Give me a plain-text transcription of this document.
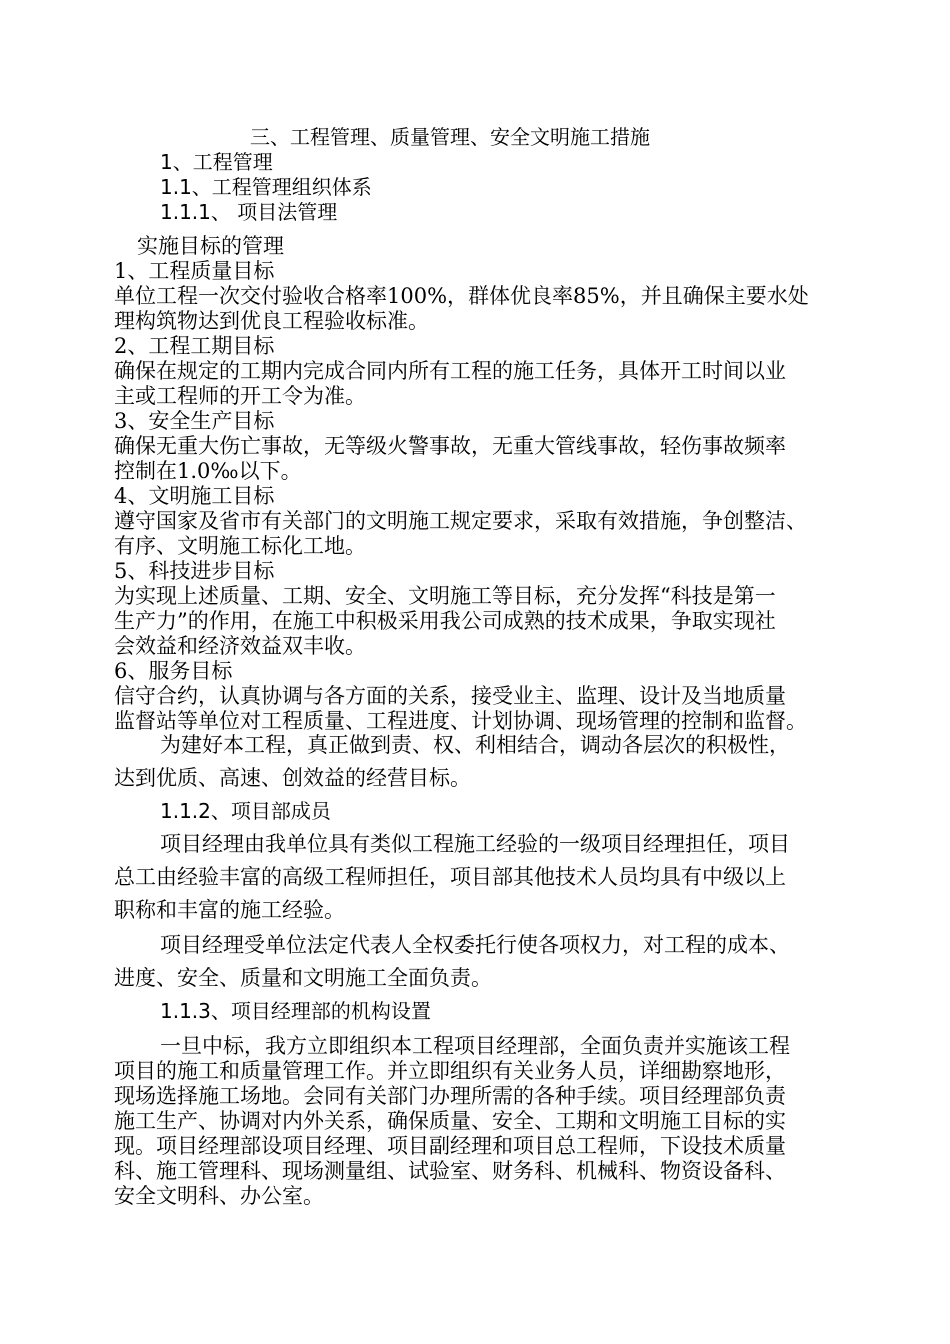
三、工程管理、质量管理、安全文明施工措施
1、工程管理
1.1、工程管理组织体系
1.1.1、 项目法管理
实施目标的管理
1、工程质量目标
单位工程一次交付验收合格率100%，群体优良率85%，并且确保主要水处
理构筑物达到优良工程验收标准。
2、工程工期目标
确保在规定的工期内完成合同内所有工程的施工任务，具体开工时间以业
主或工程师的开工令为准。
3、安全生产目标
确保无重大伤亡事故，无等级火警事故，无重大管线事故，轻伤事故频率
控制在1.0‰以下。
4、文明施工目标
遵守国家及省市有关部门的文明施工规定要求，采取有效措施，争创整洁、
有序、文明施工标化工地。
5、科技进步目标
为实现上述质量、工期、安全、文明施工等目标，充分发挥“科技是第一
生产力”的作用，在施工中积极采用我公司成熟的技术成果，争取实现社
会效益和经济效益双丰收。
6、服务目标
信守合约，认真协调与各方面的关系，接受业主、监理、设计及当地质量
监督站等单位对工程质量、工程进度、计划协调、现场管理的控制和监督。
为建好本工程，真正做到责、权、利相结合，调动各层次的积极性，
达到优质、高速、创效益的经营目标。
1.1.2、项目部成员
项目经理由我单位具有类似工程施工经验的一级项目经理担任，项目
总工由经验丰富的高级工程师担任，项目部其他技术人员均具有中级以上
职称和丰富的施工经验。
项目经理受单位法定代表人全权委托行使各项权力，对工程的成本、
进度、安全、质量和文明施工全面负责。
1.1.3、项目经理部的机构设置
一旦中标，我方立即组织本工程项目经理部，全面负责并实施该工程
项目的施工和质量管理工作。并立即组织有关业务人员，详细勘察地形，
现场选择施工场地。会同有关部门办理所需的各种手续。项目经理部负责
施工生产、协调对内外关系，确保质量、安全、工期和文明施工目标的实
现。项目经理部设项目经理、项目副经理和项目总工程师，下设技术质量
科、施工管理科、现场测量组、试验室、财务科、机械科、物资设备科、
安全文明科、办公室。
